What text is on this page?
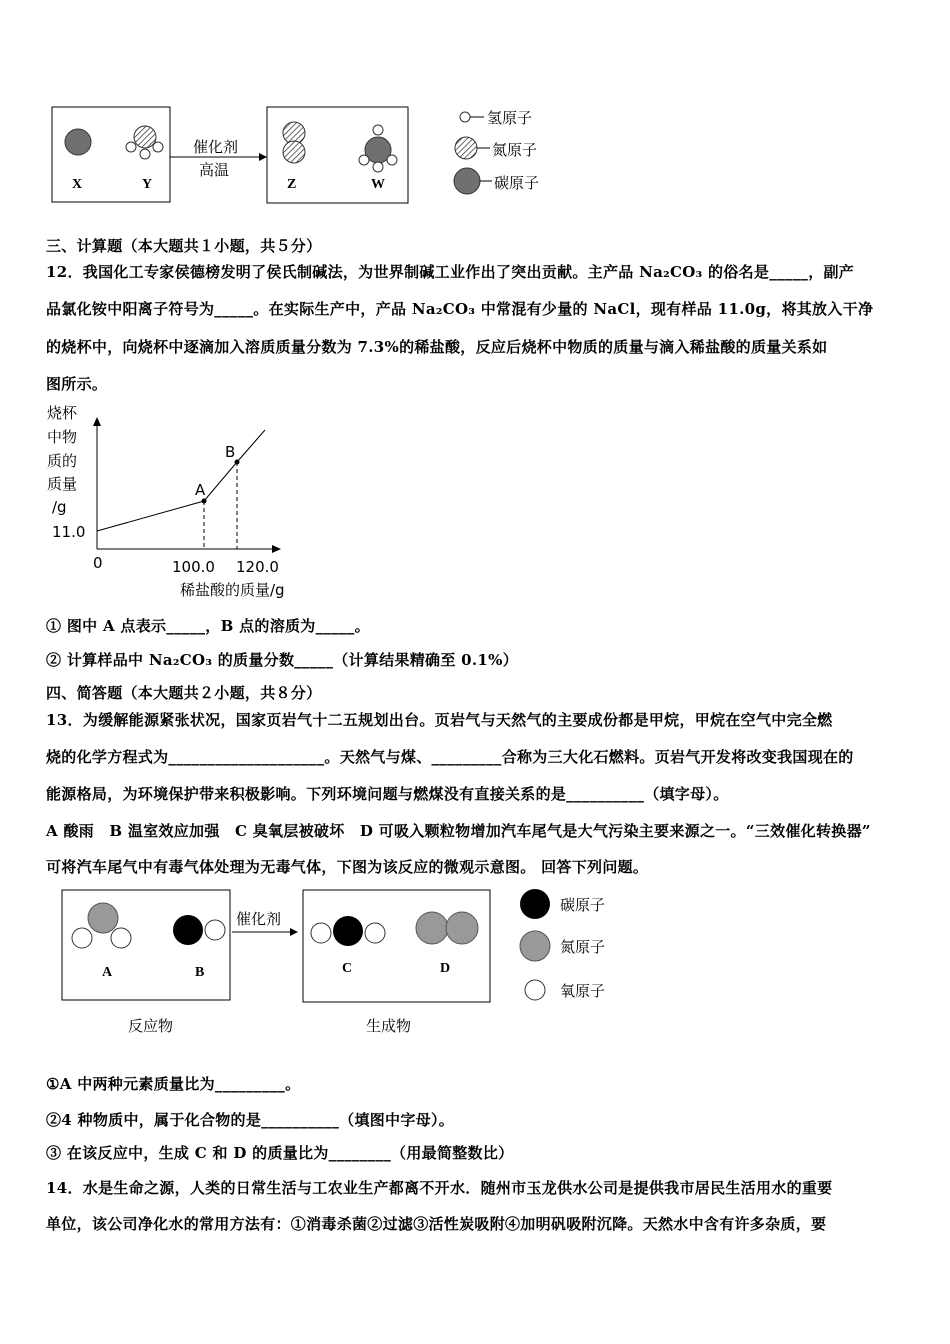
X	Y
催化剂
高温
Z	W
氢原子
氮原子
碳原子
三、计算题（本大题共１小题，共５分）
12．我国化工专家侯德榜发明了侯氏制碱法，为世界制碱工业作出了突出贡献。主产品 Na₂CO₃ 的俗名是_____，副产
品氯化铵中阳离子符号为_____。在实际生产中，产品 Na₂CO₃ 中常混有少量的 NaCl，现有样品 11.0g，将其放入干净
的烧杯中，向烧杯中逐滴加入溶质质量分数为 7.3%的稀盐酸，反应后烧杯中物质的质量与滴入稀盐酸的质量关系如
图所示。
烧杯
中物
质的
质量
/g
A
B
11.0
0	100.0 120.0
稀盐酸的质量/g
① 图中 A 点表示_____，B 点的溶质为_____。
② 计算样品中 Na₂CO₃ 的质量分数_____（计算结果精确至 0.1%）
四、简答题（本大题共２小题，共８分）
13．为缓解能源紧张状况，国家页岩气十二五规划出台。页岩气与天然气的主要成份都是甲烷，甲烷在空气中完全燃
烧的化学方程式为____________________。天然气与煤、_________合称为三大化石燃料。页岩气开发将改变我国现在的
能源格局，为环境保护带来积极影响。下列环境问题与燃煤没有直接关系的是__________（填字母）。
A 酸雨　B 温室效应加强　C 臭氧层被破坏　D 可吸入颗粒物增加汽车尾气是大气污染主要来源之一。“三效催化转换器”
可将汽车尾气中有毒气体处理为无毒气体，下图为该反应的微观示意图。 回答下列问题。
A	B
催化剂
C	D
反应物	生成物
碳原子
氮原子
氧原子
①A 中两种元素质量比为_________。
②4 种物质中，属于化合物的是__________（填图中字母）。
③ 在该反应中，生成 C 和 D 的质量比为________（用最简整数比）
14．水是生命之源，人类的日常生活与工农业生产都离不开水．随州市玉龙供水公司是提供我市居民生活用水的重要
单位，该公司净化水的常用方法有：①消毒杀菌②过滤③活性炭吸附④加明矾吸附沉降。天然水中含有许多杂质，要
